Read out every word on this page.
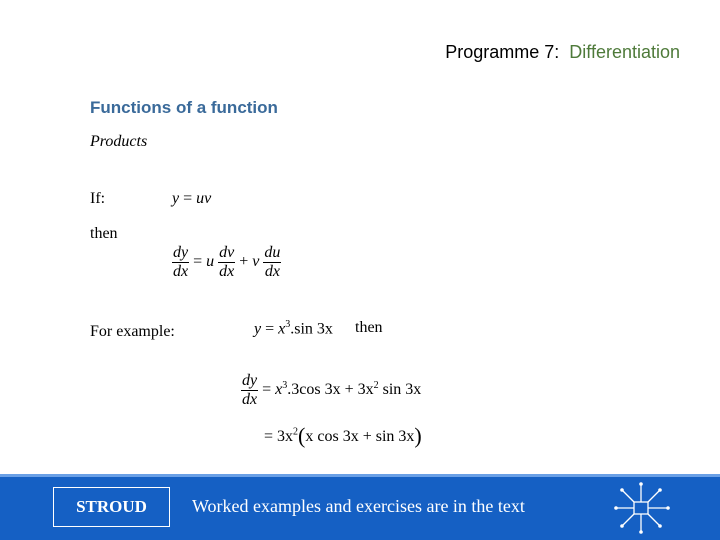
Programme 7: Differentiation
Functions of a function
Products
If:	y = uv
then
$\frac{dy}{dx} = u \frac{dv}{dx} + v \frac{du}{dx}$
For example:	$y = x^3.\sin$ 3x then
$\frac{dy}{dx} = x^3.3\cos$ $3x + 3x^2$ sin 3x
= $3x^2(x$ cos 3x + sin 3x)
STROUD	Worked examples and exercises are in the text
